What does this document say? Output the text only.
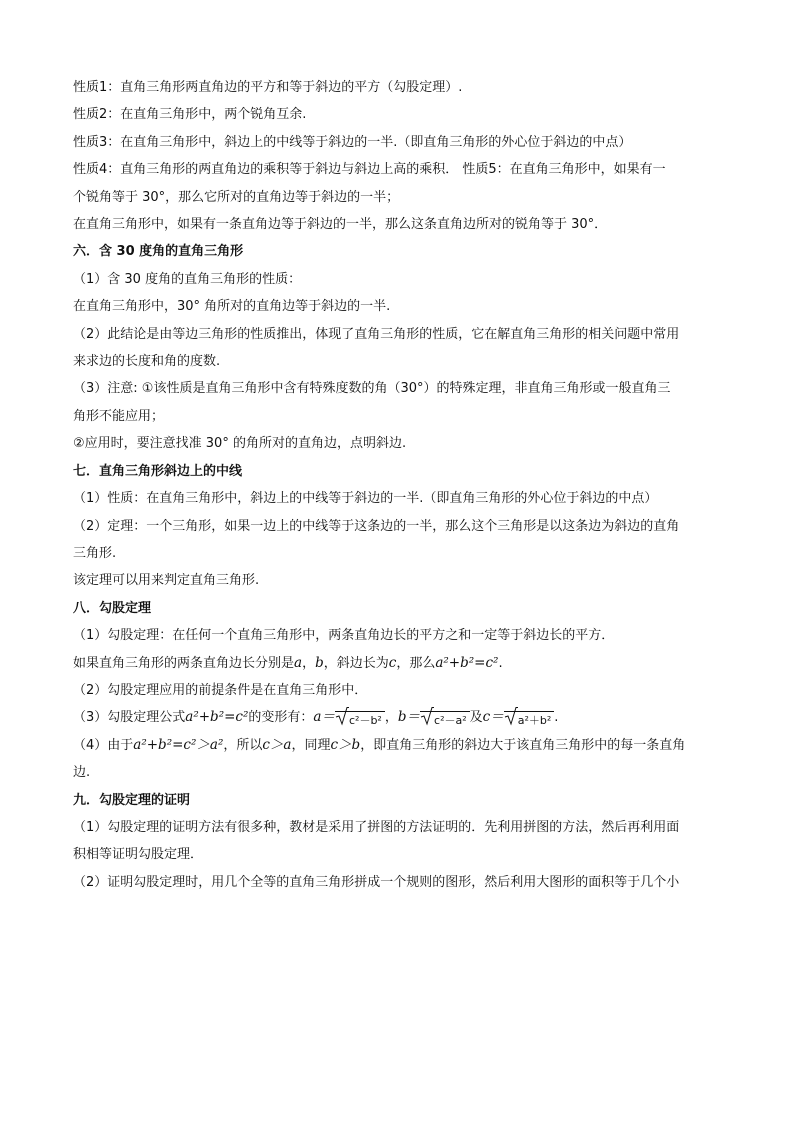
性质1：直角三角形两直角边的平方和等于斜边的平方（勾股定理）.

性质2：在直角三角形中，两个锐角互余.

性质3：在直角三角形中，斜边上的中线等于斜边的一半.（即直角三角形的外心位于斜边的中点）

性质4：直角三角形的两直角边的乘积等于斜边与斜边上高的乘积． 性质5：在直角三角形中，如果有一

个锐角等于 30°，那么它所对的直角边等于斜边的一半；

在直角三角形中，如果有一条直角边等于斜边的一半，那么这条直角边所对的锐角等于 30°．

六．含 30 度角的直角三角形

（1）含 30 度角的直角三角形的性质：

在直角三角形中，30° 角所对的直角边等于斜边的一半.

（2）此结论是由等边三角形的性质推出，体现了直角三角形的性质，它在解直角三角形的相关问题中常用

来求边的长度和角的度数.

（3）注意: ①该性质是直角三角形中含有特殊度数的角（30°）的特殊定理，非直角三角形或一般直角三

角形不能应用；

②应用时，要注意找准 30° 的角所对的直角边，点明斜边.

七．直角三角形斜边上的中线

（1）性质：在直角三角形中，斜边上的中线等于斜边的一半.（即直角三角形的外心位于斜边的中点）

（2）定理：一个三角形，如果一边上的中线等于这条边的一半，那么这个三角形是以这条边为斜边的直角

三角形.

该定理可以用来判定直角三角形.

八．勾股定理

（1）勾股定理：在任何一个直角三角形中，两条直角边长的平方之和一定等于斜边长的平方．

如果直角三角形的两条直角边长分别是a，b，斜边长为c，那么a²+b²=c².

（2）勾股定理应用的前提条件是在直角三角形中．

（3）勾股定理公式a²+b²=c²的变形有：a＝ c²－b² ，b＝ c²－a² 及c＝ a²＋b² .

（4）由于a²+b²=c²＞a²，所以c＞a，同理c＞b，即直角三角形的斜边大于该直角三角形中的每一条直角

边.

九．勾股定理的证明

（1）勾股定理的证明方法有很多种，教材是采用了拼图的方法证明的．先利用拼图的方法，然后再利用面

积相等证明勾股定理．

（2）证明勾股定理时，用几个全等的直角三角形拼成一个规则的图形，然后利用大图形的面积等于几个小
